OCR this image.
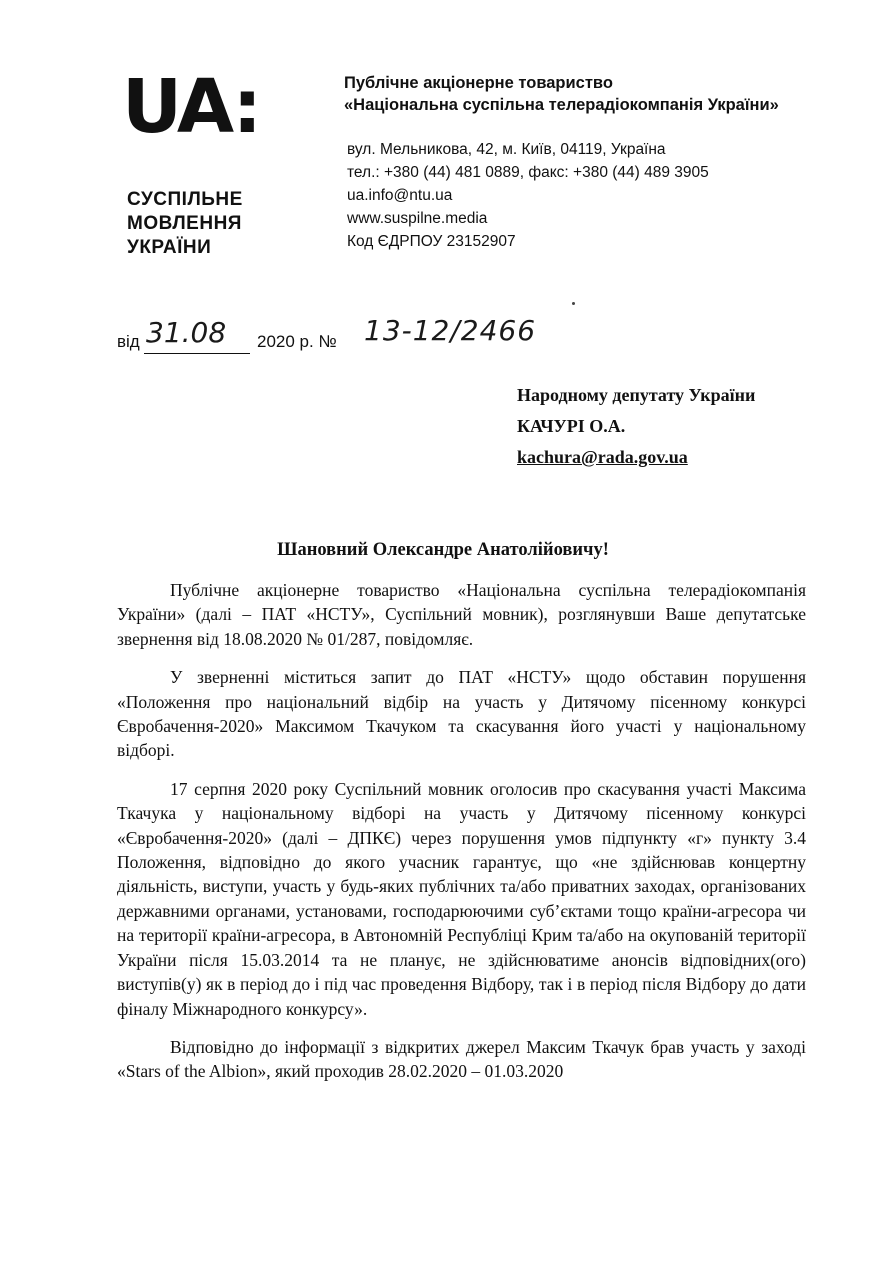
UA:
СУСПІЛЬНЕ
МОВЛЕННЯ
УКРАЇНИ
Публічне акціонерне товариство
«Національна суспільна телерадіокомпанія України»
вул. Мельникова, 42, м. Київ, 04119, Україна
тел.: +380 (44) 481 0889, факс: +380 (44) 489 3905
ua.info@ntu.ua
www.suspilne.media
Код ЄДРПОУ 23152907
від 31.08 2020 р. № 13-12/2466
Народному депутату України
КАЧУРІ О.А.
kachura@rada.gov.ua
Шановний Олександре Анатолійовичу!

Публічне акціонерне товариство «Національна суспільна телерадіокомпанія України» (далі – ПАТ «НСТУ», Суспільний мовник), розглянувши Ваше депутатське звернення від 18.08.2020 № 01/287, повідомляє.

У зверненні міститься запит до ПАТ «НСТУ» щодо обставин порушення «Положення про національний відбір на участь у Дитячому пісенному конкурсі Євробачення-2020» Максимом Ткачуком та скасування його участі у національному відборі.

17 серпня 2020 року Суспільний мовник оголосив про скасування участі Максима Ткачука у національному відборі на участь у Дитячому пісенному конкурсі «Євробачення-2020» (далі – ДПКЄ) через порушення умов підпункту «г» пункту 3.4 Положення, відповідно до якого учасник гарантує, що «не здійснював концертну діяльність, виступи, участь у будь-яких публічних та/або приватних заходах, організованих державними органами, установами, господарюючими суб’єктами тощо країни-агресора чи на території країни-агресора, в Автономній Республіці Крим та/або на окупованій території України після 15.03.2014 та не планує, не здійснюватиме анонсів відповідних(ого) виступів(у) як в період до і під час проведення Відбору, так і в період після Відбору до дати фіналу Міжнародного конкурсу».

Відповідно до інформації з відкритих джерел Максим Ткачук брав участь у заході «Stars of the Albion», який проходив 28.02.2020 – 01.03.2020
